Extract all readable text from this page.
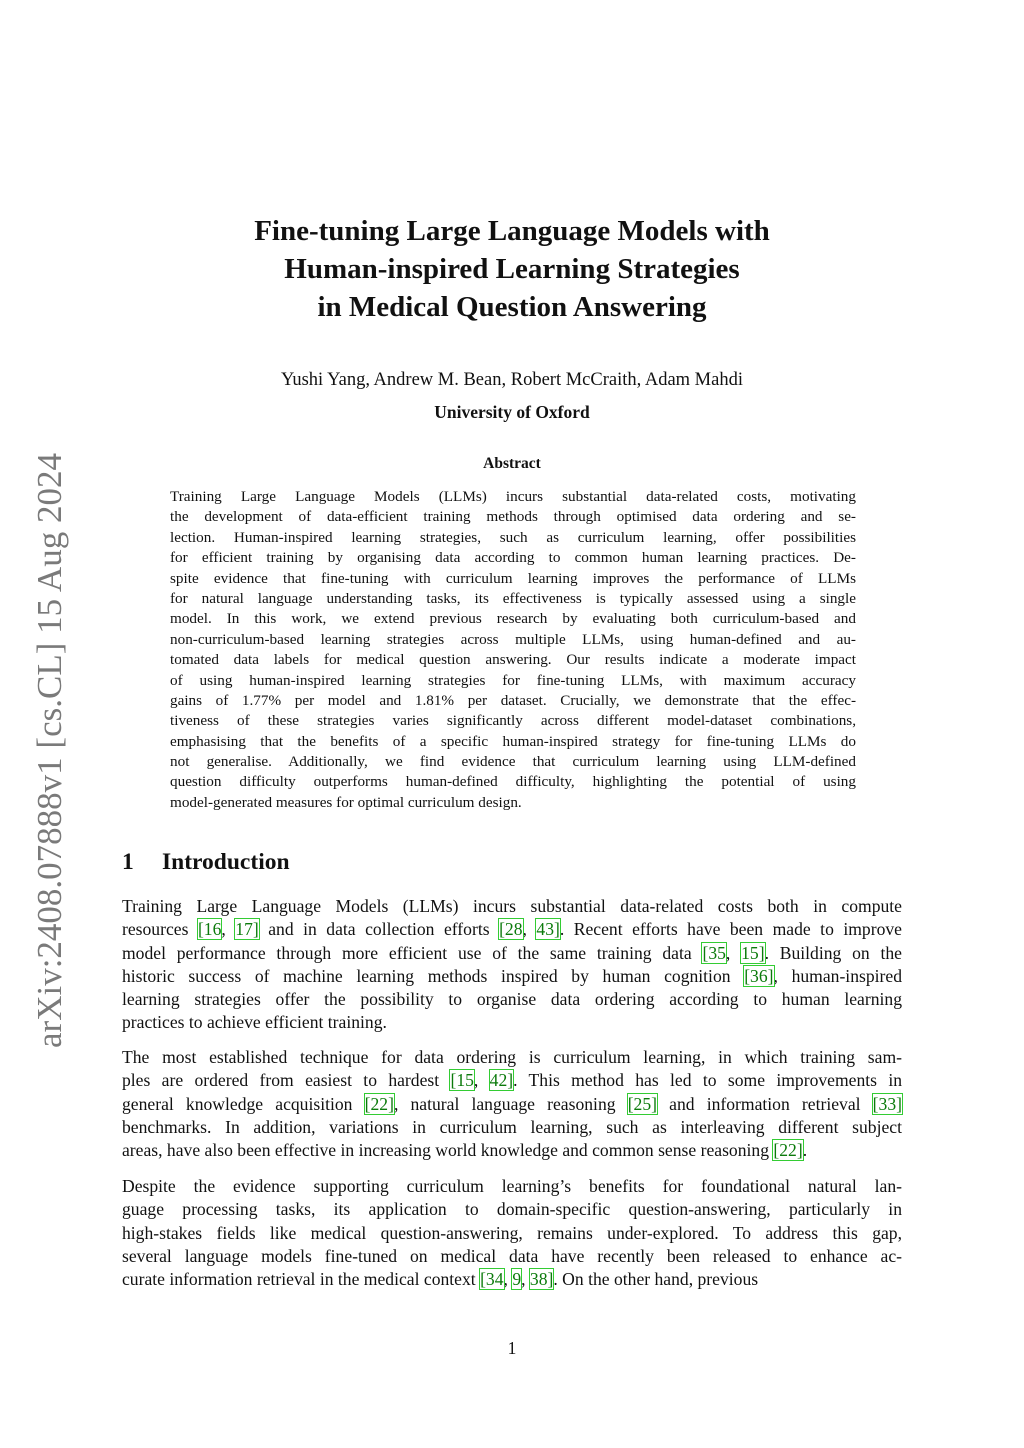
arXiv:2408.07888v1 [cs.CL] 15 Aug 2024
Fine-tuning Large Language Models with
Human-inspired Learning Strategies
in Medical Question Answering
Yushi Yang, Andrew M. Bean, Robert McCraith, Adam Mahdi
University of Oxford
Abstract
Training Large Language Models (LLMs) incurs substantial data-related costs, motivating
the development of data-efficient training methods through optimised data ordering and se-
lection. Human-inspired learning strategies, such as curriculum learning, offer possibilities
for efficient training by organising data according to common human learning practices. De-
spite evidence that fine-tuning with curriculum learning improves the performance of LLMs
for natural language understanding tasks, its effectiveness is typically assessed using a single
model. In this work, we extend previous research by evaluating both curriculum-based and
non-curriculum-based learning strategies across multiple LLMs, using human-defined and au-
tomated data labels for medical question answering. Our results indicate a moderate impact
of using human-inspired learning strategies for fine-tuning LLMs, with maximum accuracy
gains of 1.77% per model and 1.81% per dataset. Crucially, we demonstrate that the effec-
tiveness of these strategies varies significantly across different model-dataset combinations,
emphasising that the benefits of a specific human-inspired strategy for fine-tuning LLMs do
not generalise. Additionally, we find evidence that curriculum learning using LLM-defined
question difficulty outperforms human-defined difficulty, highlighting the potential of using
model-generated measures for optimal curriculum design.
1 Introduction
Training Large Language Models (LLMs) incurs substantial data-related costs both in compute
resources [16, 17] and in data collection efforts [28, 43]. Recent efforts have been made to improve
model performance through more efficient use of the same training data [35, 15]. Building on the
historic success of machine learning methods inspired by human cognition [36], human-inspired
learning strategies offer the possibility to organise data ordering according to human learning
practices to achieve efficient training.
The most established technique for data ordering is curriculum learning, in which training sam-
ples are ordered from easiest to hardest [15, 42]. This method has led to some improvements in
general knowledge acquisition [22], natural language reasoning [25] and information retrieval [33]
benchmarks. In addition, variations in curriculum learning, such as interleaving different subject
areas, have also been effective in increasing world knowledge and common sense reasoning [22].
Despite the evidence supporting curriculum learning’s benefits for foundational natural lan-
guage processing tasks, its application to domain-specific question-answering, particularly in
high-stakes fields like medical question-answering, remains under-explored. To address this gap,
several language models fine-tuned on medical data have recently been released to enhance ac-
curate information retrieval in the medical context [34, 9, 38]. On the other hand, previous
1
